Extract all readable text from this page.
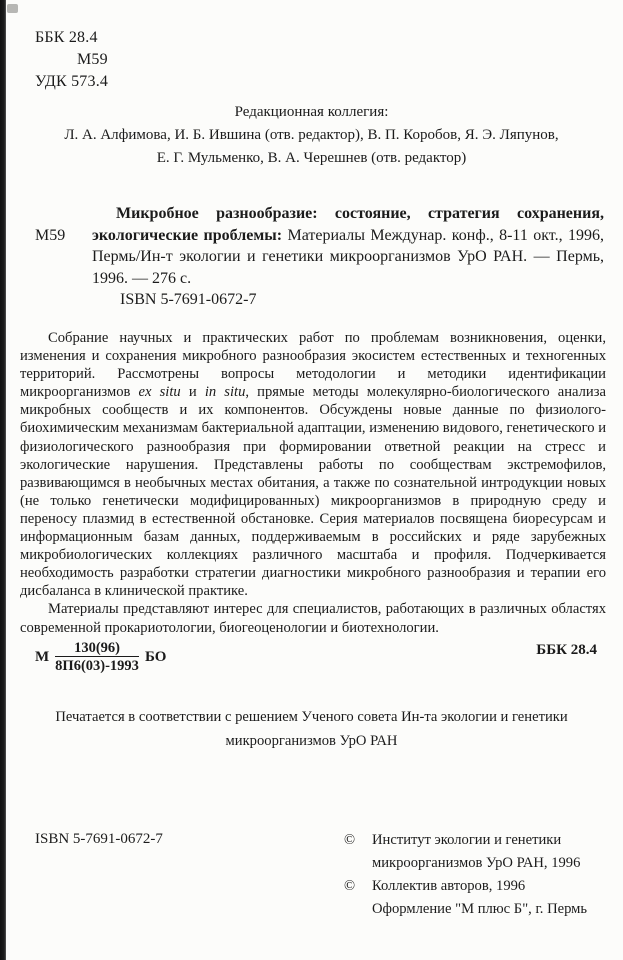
ББК 28.4
М59
УДК 573.4
Редакционная коллегия:
Л. А. Алфимова, И. Б. Ившина (отв. редактор), В. П. Коробов, Я. Э. Ляпунов,
Е. Г. Мульменко, В. А. Черешнев (отв. редактор)
М59
Микробное разнообразие: состояние, стратегия сохранения, экологические проблемы: Материалы Междунар. конф., 8-11 окт., 1996, Пермь/Ин-т экологии и генетики микроорганизмов УрО РАН. — Пермь, 1996. — 276 с.
ISBN 5-7691-0672-7

Собрание научных и практических работ по проблемам возникновения, оценки, изменения и сохранения микробного разнообразия экосистем естественных и техногенных территорий. Рассмотрены вопросы методологии и методики идентификации микроорганизмов ex situ и in situ, прямые методы молекулярно-биологического анализа микробных сообществ и их компонентов. Обсуждены новые данные по физиолого-биохимическим механизмам бактериальной адаптации, изменению видового, генетического и физиологического разнообразия при формировании ответной реакции на стресс и экологические нарушения. Представлены работы по сообществам экстремофилов, развивающимся в необычных местах обитания, а также по сознательной интродукции новых (не только генетически модифицированных) микроорганизмов в природную среду и переносу плазмид в естественной обстановке. Серия материалов посвящена биоресурсам и информационным базам данных, поддерживаемым в российских и ряде зарубежных микробиологических коллекциях различного масштаба и профиля. Подчеркивается необходимость разработки стратегии диагностики микробного разнообразия и терапии его дисбаланса в клинической практике.

Материалы представляют интерес для специалистов, работающих в различных областях современной прокариотологии, биогеоценологии и биотехнологии.

М $\frac{130(96)}{8П6(03)-1993}$ БО	ББК 28.4
Печатается в соответствии с решением Ученого совета Ин-та экологии и генетики
микроорганизмов УрО РАН
ISBN 5-7691-0672-7	©	Институт экологии и генетики
микроорганизмов УрО РАН, 1996
©	Коллектив авторов, 1996
Оформление "М плюс Б", г. Пермь
